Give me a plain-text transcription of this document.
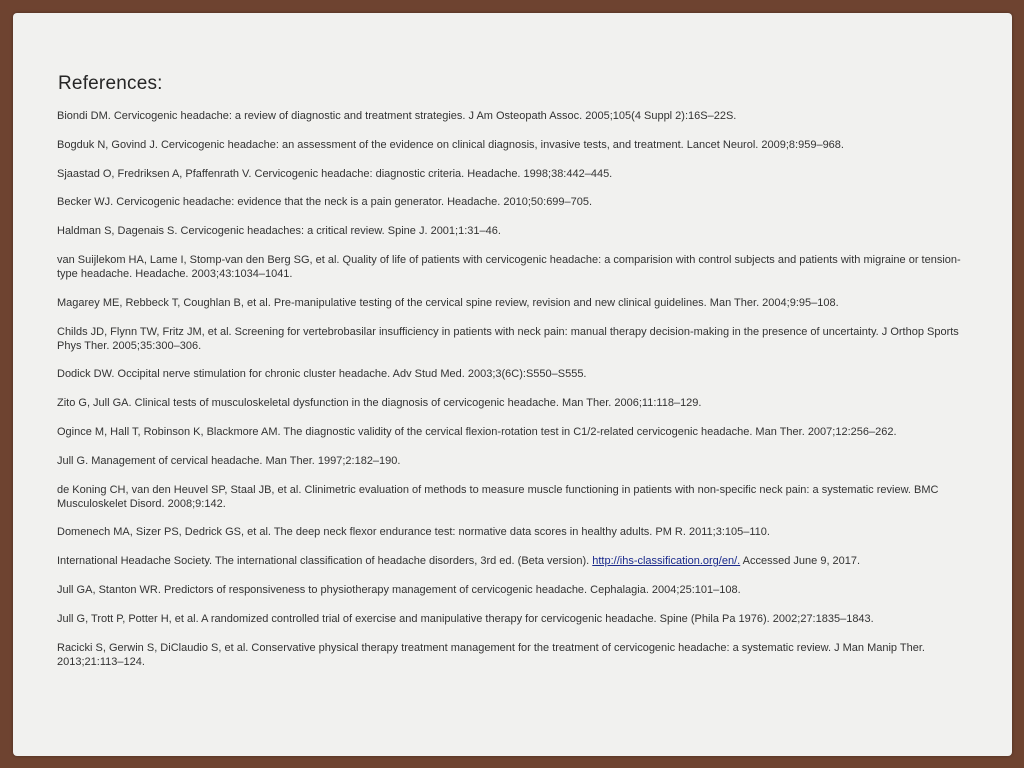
References:
Biondi DM. Cervicogenic headache: a review of diagnostic and treatment strategies. J Am Osteopath Assoc. 2005;105(4 Suppl 2):16S–22S.
Bogduk N, Govind J. Cervicogenic headache: an assessment of the evidence on clinical diagnosis, invasive tests, and treatment. Lancet Neurol. 2009;8:959–968.
Sjaastad O, Fredriksen A, Pfaffenrath V. Cervicogenic headache: diagnostic criteria. Headache. 1998;38:442–445.
Becker WJ. Cervicogenic headache: evidence that the neck is a pain generator. Headache. 2010;50:699–705.
Haldman S, Dagenais S. Cervicogenic headaches: a critical review. Spine J. 2001;1:31–46.
van Suijlekom HA, Lame I, Stomp-van den Berg SG, et al. Quality of life of patients with cervicogenic headache: a comparision with control subjects and patients with migraine or tension-type headache. Headache. 2003;43:1034–1041.
Magarey ME, Rebbeck T, Coughlan B, et al. Pre-manipulative testing of the cervical spine review, revision and new clinical guidelines. Man Ther. 2004;9:95–108.
Childs JD, Flynn TW, Fritz JM, et al. Screening for vertebrobasilar insufficiency in patients with neck pain: manual therapy decision-making in the presence of uncertainty. J Orthop Sports Phys Ther. 2005;35:300–306.
Dodick DW. Occipital nerve stimulation for chronic cluster headache. Adv Stud Med. 2003;3(6C):S550–S555.
Zito G, Jull GA. Clinical tests of musculoskeletal dysfunction in the diagnosis of cervicogenic headache. Man Ther. 2006;11:118–129.
Ogince M, Hall T, Robinson K, Blackmore AM. The diagnostic validity of the cervical flexion-rotation test in C1/2-related cervicogenic headache. Man Ther. 2007;12:256–262.
Jull G. Management of cervical headache. Man Ther. 1997;2:182–190.
de Koning CH, van den Heuvel SP, Staal JB, et al. Clinimetric evaluation of methods to measure muscle functioning in patients with non-specific neck pain: a systematic review. BMC Musculoskelet Disord. 2008;9:142.
Domenech MA, Sizer PS, Dedrick GS, et al. The deep neck flexor endurance test: normative data scores in healthy adults. PM R. 2011;3:105–110.
International Headache Society. The international classification of headache disorders, 3rd ed. (Beta version). http://ihs-classification.org/en/. Accessed June 9, 2017.
Jull GA, Stanton WR. Predictors of responsiveness to physiotherapy management of cervicogenic headache. Cephalagia. 2004;25:101–108.
Jull G, Trott P, Potter H, et al. A randomized controlled trial of exercise and manipulative therapy for cervicogenic headache. Spine (Phila Pa 1976). 2002;27:1835–1843.
Racicki S, Gerwin S, DiClaudio S, et al. Conservative physical therapy treatment management for the treatment of cervicogenic headache: a systematic review. J Man Manip Ther. 2013;21:113–124.
